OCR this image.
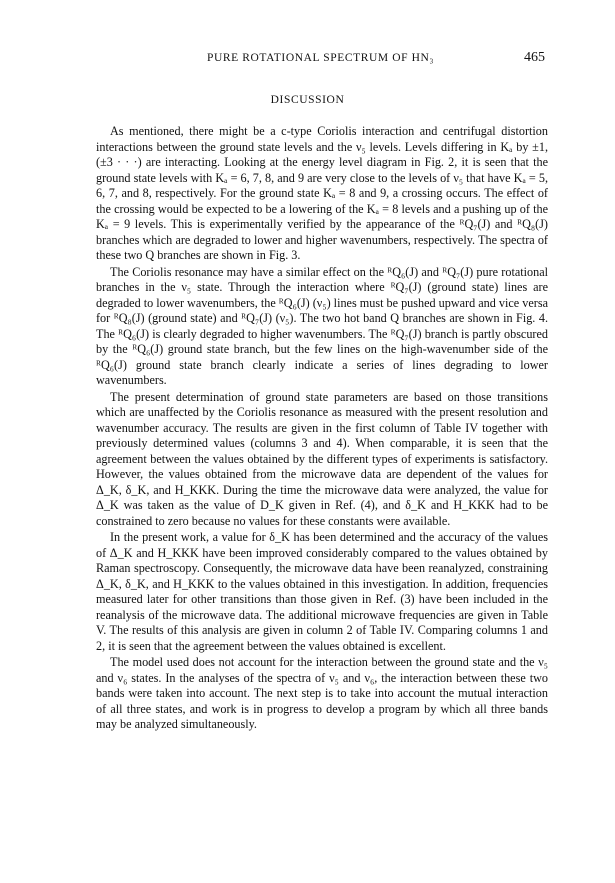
PURE ROTATIONAL SPECTRUM OF HN₃	465
DISCUSSION

As mentioned, there might be a c-type Coriolis interaction and centrifugal distortion interactions between the ground state levels and the ν₅ levels. Levels differing in Kₐ by ±1, (±3 · · ·) are interacting. Looking at the energy level diagram in Fig. 2, it is seen that the ground state levels with Kₐ = 6, 7, 8, and 9 are very close to the levels of ν₅ that have Kₐ = 5, 6, 7, and 8, respectively. For the ground state Kₐ = 8 and 9, a crossing occurs. The effect of the crossing would be expected to be a lowering of the Kₐ = 8 levels and a pushing up of the Kₐ = 9 levels. This is experimentally verified by the appearance of the ᴿQ₇(J) and ᴿQ₈(J) branches which are degraded to lower and higher wavenumbers, respectively. The spectra of these two Q branches are shown in Fig. 3.

The Coriolis resonance may have a similar effect on the ᴿQ₆(J) and ᴿQ₇(J) pure rotational branches in the ν₅ state. Through the interaction where ᴿQ₇(J) (ground state) lines are degraded to lower wavenumbers, the ᴿQ₆(J) (ν₅) lines must be pushed upward and vice versa for ᴿQ₈(J) (ground state) and ᴿQ₇(J) (ν₅). The two hot band Q branches are shown in Fig. 4. The ᴿQ₆(J) is clearly degraded to higher wavenumbers. The ᴿQ₇(J) branch is partly obscured by the ᴿQ₆(J) ground state branch, but the few lines on the high-wavenumber side of the ᴿQ₆(J) ground state branch clearly indicate a series of lines degrading to lower wavenumbers.

The present determination of ground state parameters are based on those transitions which are unaffected by the Coriolis resonance as measured with the present resolution and wavenumber accuracy. The results are given in the first column of Table IV together with previously determined values (columns 3 and 4). When comparable, it is seen that the agreement between the values obtained by the different types of experiments is satisfactory. However, the values obtained from the microwave data are dependent of the values for Δ_K, δ_K, and H_KKK. During the time the microwave data were analyzed, the value for Δ_K was taken as the value of D_K given in Ref. (4), and δ_K and H_KKK had to be constrained to zero because no values for these constants were available.

In the present work, a value for δ_K has been determined and the accuracy of the values of Δ_K and H_KKK have been improved considerably compared to the values obtained by Raman spectroscopy. Consequently, the microwave data have been reanalyzed, constraining Δ_K, δ_K, and H_KKK to the values obtained in this investigation. In addition, frequencies measured later for other transitions than those given in Ref. (3) have been included in the reanalysis of the microwave data. The additional microwave frequencies are given in Table V. The results of this analysis are given in column 2 of Table IV. Comparing columns 1 and 2, it is seen that the agreement between the values obtained is excellent.

The model used does not account for the interaction between the ground state and the ν₅ and ν₆ states. In the analyses of the spectra of ν₅ and ν₆, the interaction between these two bands were taken into account. The next step is to take into account the mutual interaction of all three states, and work is in progress to develop a program by which all three bands may be analyzed simultaneously.
